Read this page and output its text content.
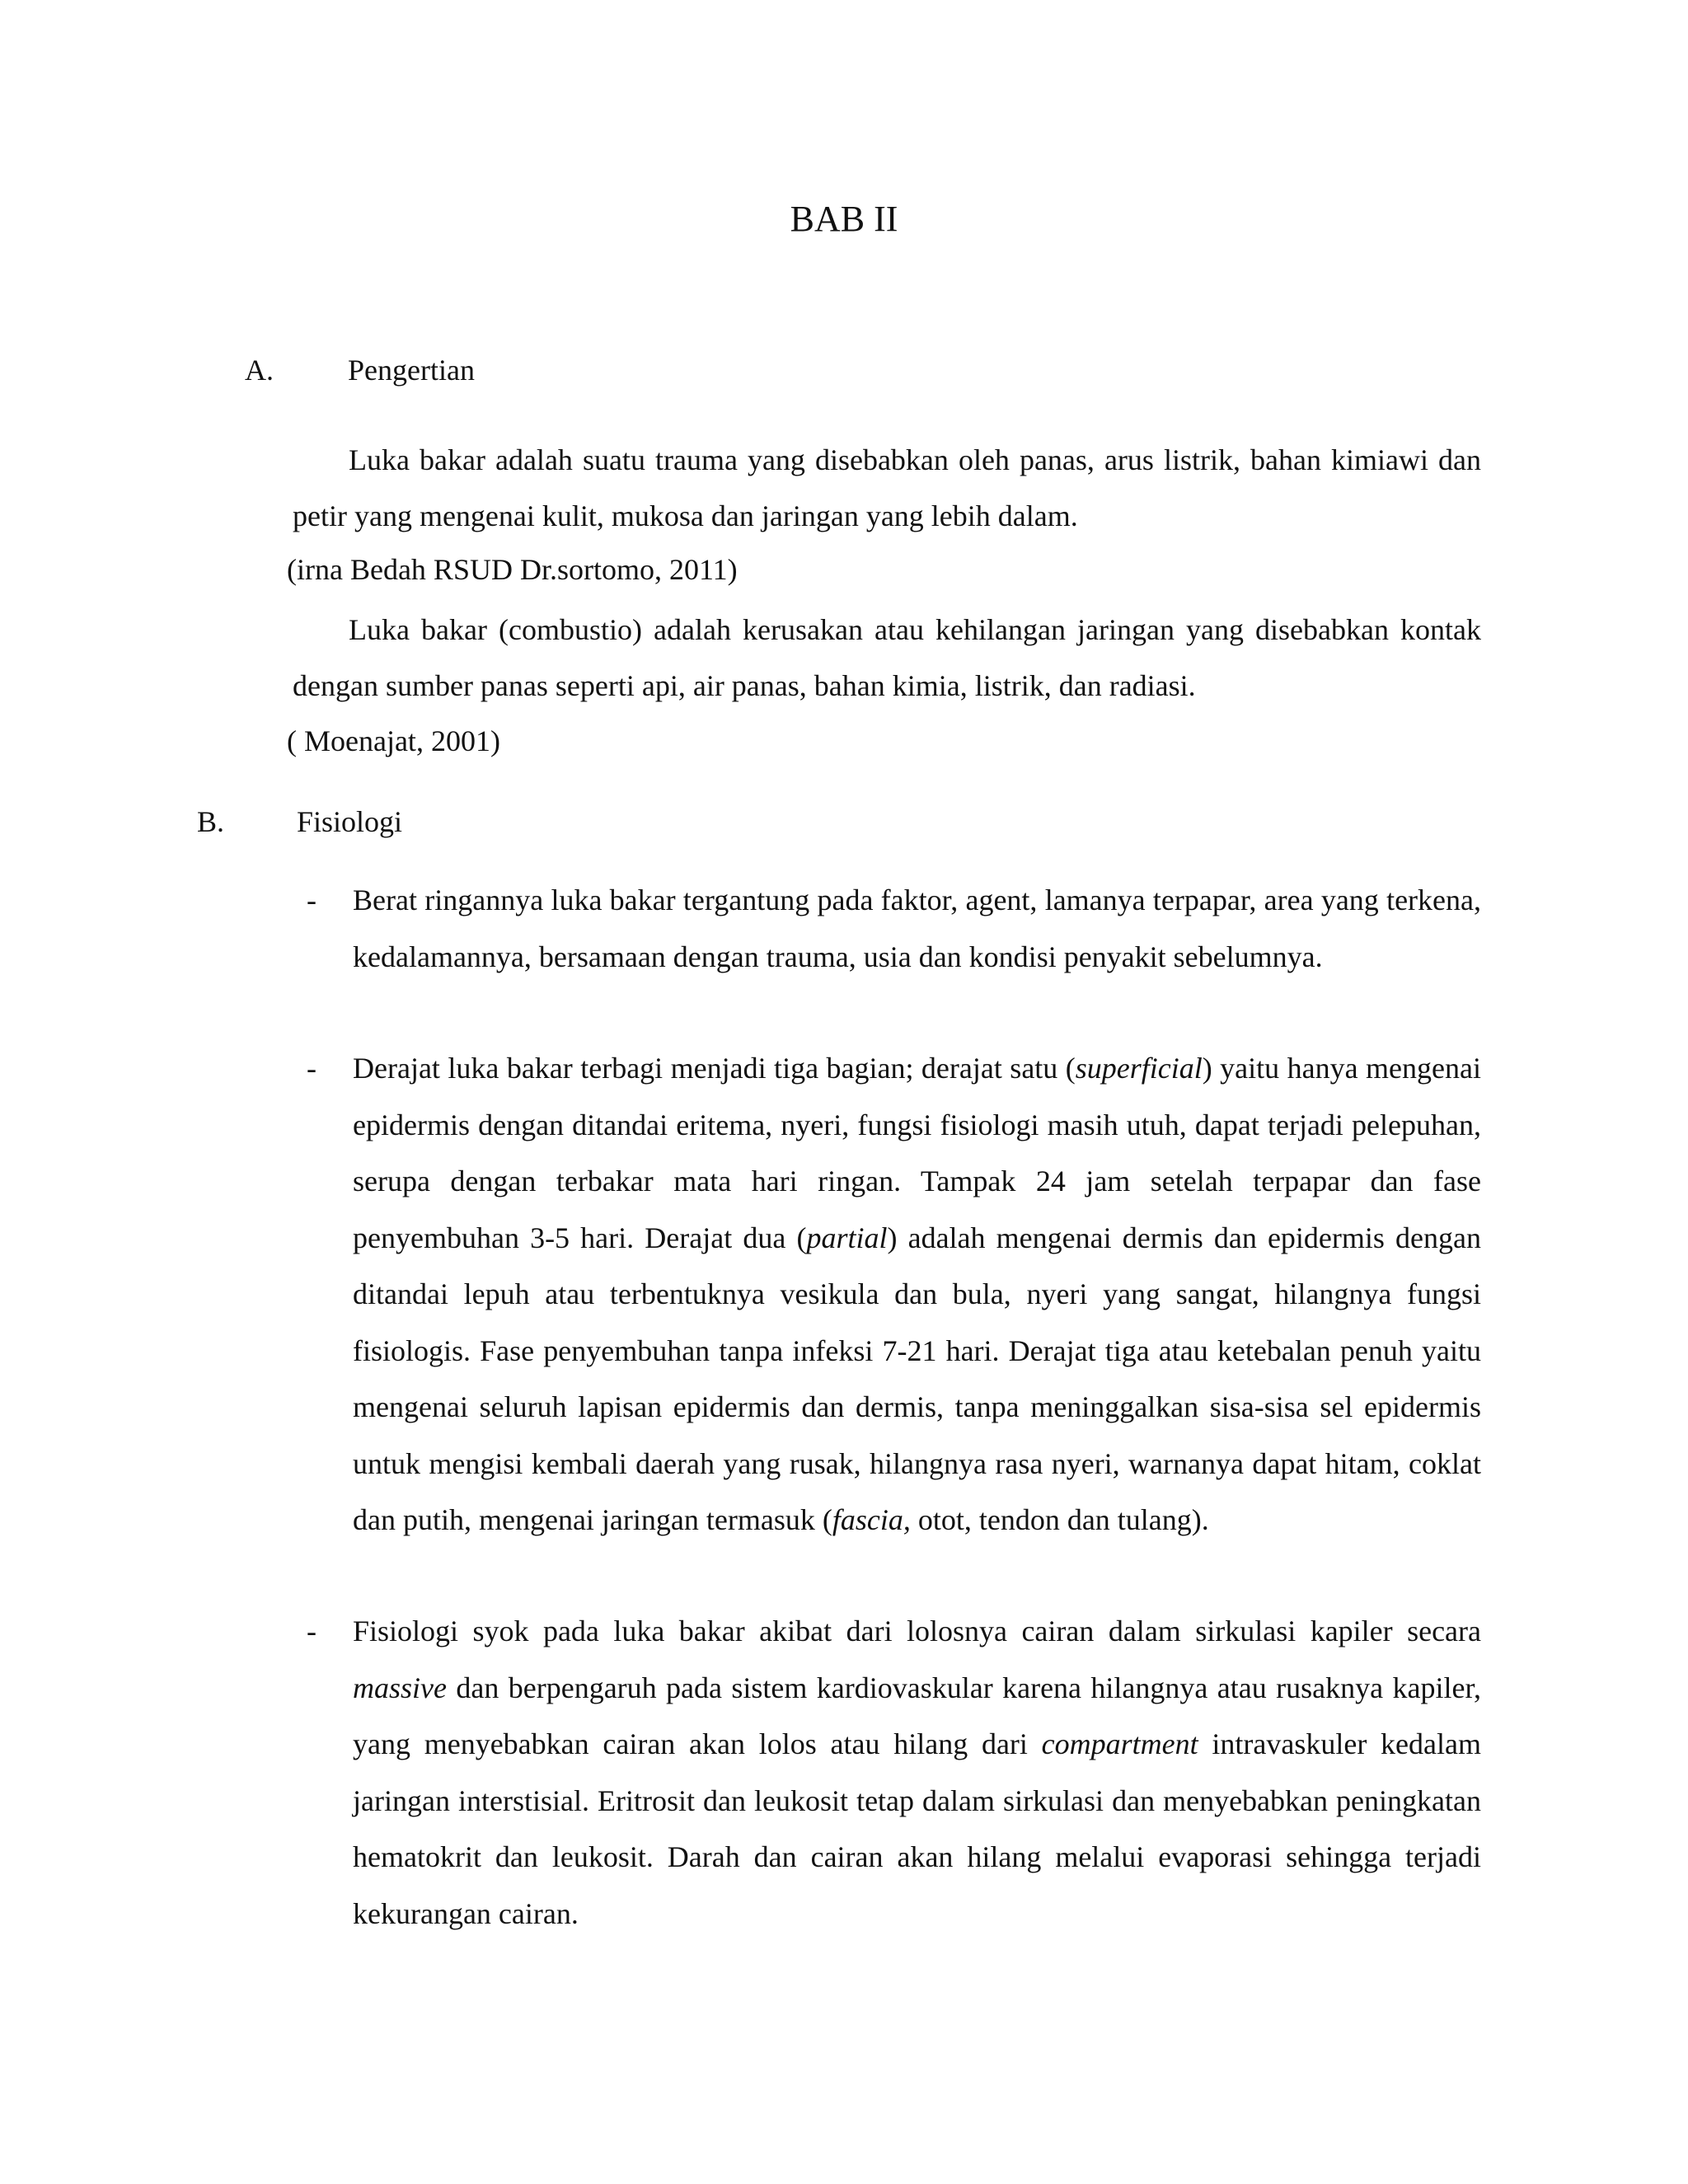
BAB II
A.	Pengertian

Luka bakar adalah suatu trauma yang disebabkan oleh panas, arus listrik, bahan kimiawi dan petir yang mengenai kulit, mukosa dan jaringan yang lebih dalam.

(irna Bedah RSUD Dr.sortomo, 2011)

Luka bakar (combustio) adalah kerusakan atau kehilangan jaringan yang disebabkan kontak dengan sumber panas seperti api, air panas, bahan kimia, listrik, dan radiasi.

( Moenajat, 2001)
B. Fisiologi
- Berat ringannya luka bakar tergantung pada faktor, agent, lamanya terpapar, area yang terkena, kedalamannya, bersamaan dengan trauma, usia dan kondisi penyakit sebelumnya.

- Derajat luka bakar terbagi menjadi tiga bagian; derajat satu (superficial) yaitu hanya mengenai epidermis dengan ditandai eritema, nyeri, fungsi fisiologi masih utuh, dapat terjadi pelepuhan, serupa dengan terbakar mata hari ringan. Tampak 24 jam setelah terpapar dan fase penyembuhan 3-5 hari. Derajat dua (partial) adalah mengenai dermis dan epidermis dengan ditandai lepuh atau terbentuknya vesikula dan bula, nyeri yang sangat, hilangnya fungsi fisiologis. Fase penyembuhan tanpa infeksi 7-21 hari. Derajat tiga atau ketebalan penuh yaitu mengenai seluruh lapisan epidermis dan dermis, tanpa meninggalkan sisa-sisa sel epidermis untuk mengisi kembali daerah yang rusak, hilangnya rasa nyeri, warnanya dapat hitam, coklat dan putih, mengenai jaringan termasuk (fascia, otot, tendon dan tulang).

- Fisiologi syok pada luka bakar akibat dari lolosnya cairan dalam sirkulasi kapiler secara massive dan berpengaruh pada sistem kardiovaskular karena hilangnya atau rusaknya kapiler, yang menyebabkan cairan akan lolos atau hilang dari compartment intravaskuler kedalam jaringan interstisial. Eritrosit dan leukosit tetap dalam sirkulasi dan menyebabkan peningkatan hematokrit dan leukosit. Darah dan cairan akan hilang melalui evaporasi sehingga terjadi kekurangan cairan.
